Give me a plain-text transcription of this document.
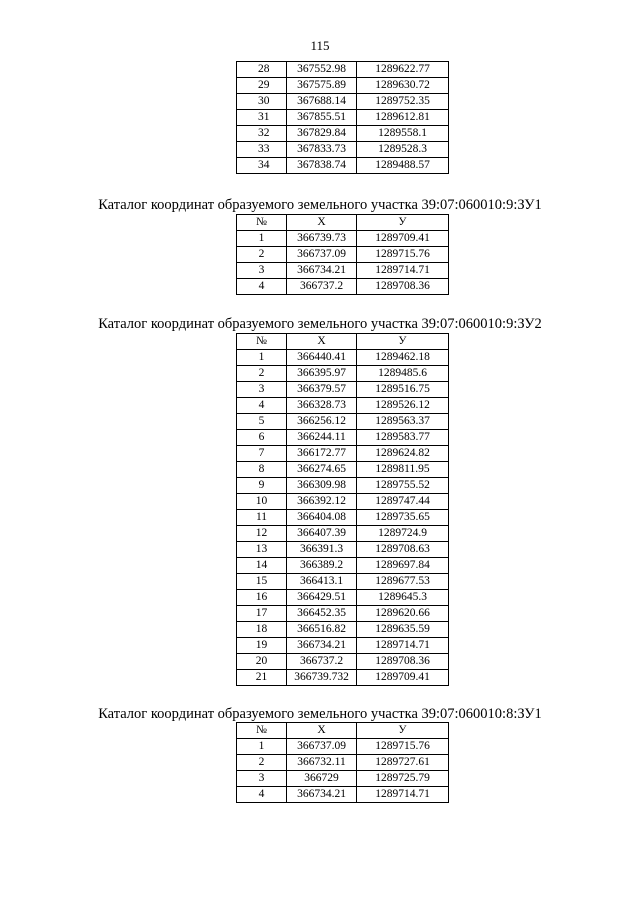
115
28	367552.98	1289622.77
29	367575.89	1289630.72
30	367688.14	1289752.35
31	367855.51	1289612.81
32	367829.84	1289558.1
33	367833.73	1289528.3
34	367838.74	1289488.57
Каталог координат образуемого земельного участка 39:07:060010:9:ЗУ1
№	X	У
1	366739.73	1289709.41
2	366737.09	1289715.76
3	366734.21	1289714.71
4	366737.2	1289708.36
Каталог координат образуемого земельного участка 39:07:060010:9:ЗУ2
№	X	У
1	366440.41	1289462.18
2	366395.97	1289485.6
3	366379.57	1289516.75
4	366328.73	1289526.12
5	366256.12	1289563.37
6	366244.11	1289583.77
7	366172.77	1289624.82
8	366274.65	1289811.95
9	366309.98	1289755.52
10	366392.12	1289747.44
11	366404.08	1289735.65
12	366407.39	1289724.9
13	366391.3	1289708.63
14	366389.2	1289697.84
15	366413.1	1289677.53
16	366429.51	1289645.3
17	366452.35	1289620.66
18	366516.82	1289635.59
19	366734.21	1289714.71
20	366737.2	1289708.36
21	366739.732	1289709.41
Каталог координат образуемого земельного участка 39:07:060010:8:ЗУ1
№	X	У
1	366737.09	1289715.76
2	366732.11	1289727.61
3	366729	1289725.79
4	366734.21	1289714.71
